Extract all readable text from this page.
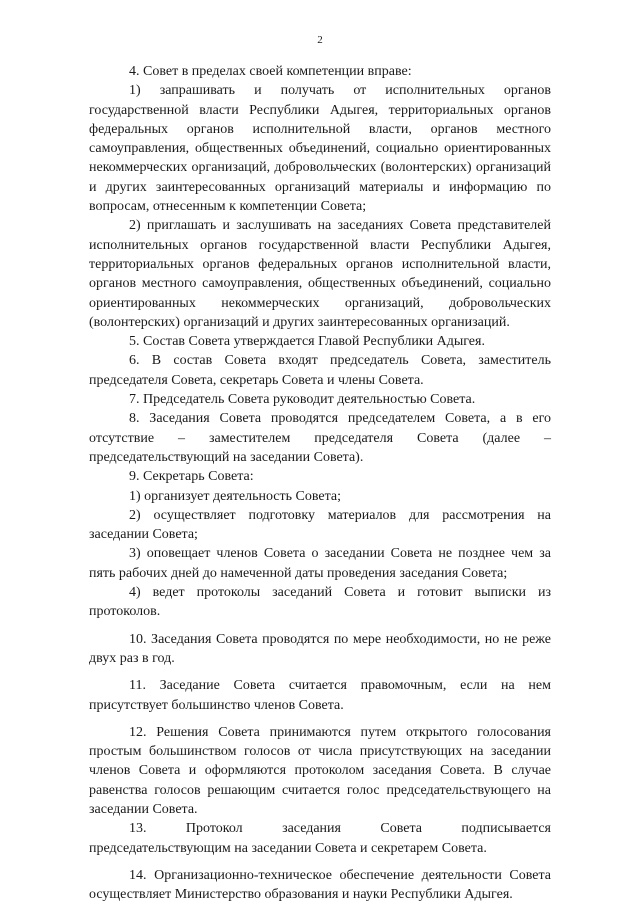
2

4. Совет в пределах своей компетенции вправе:

1) запрашивать и получать от исполнительных органов государственной власти Республики Адыгея, территориальных органов федеральных органов исполнительной власти, органов местного самоуправления, общественных объединений, социально ориентированных некоммерческих организаций, добровольческих (волонтерских) организаций и других заинтересованных организаций материалы и информацию по вопросам, отнесенным к компетенции Совета;

2) приглашать и заслушивать на заседаниях Совета представителей исполнительных органов государственной власти Республики Адыгея, территориальных органов федеральных органов исполнительной власти, органов местного самоуправления, общественных объединений, социально ориентированных некоммерческих организаций, добровольческих (волонтерских) организаций и других заинтересованных организаций.

5. Состав Совета утверждается Главой Республики Адыгея.

6. В состав Совета входят председатель Совета, заместитель председателя Совета, секретарь Совета и члены Совета.

7. Председатель Совета руководит деятельностью Совета.

8. Заседания Совета проводятся председателем Совета, а в его отсутствие – заместителем председателя Совета (далее – председательствующий на заседании Совета).

9. Секретарь Совета:

1) организует деятельность Совета;

2) осуществляет подготовку материалов для рассмотрения на заседании Совета;

3) оповещает членов Совета о заседании Совета не позднее чем за пять рабочих дней до намеченной даты проведения заседания Совета;

4) ведет протоколы заседаний Совета и готовит выписки из протоколов.

10. Заседания Совета проводятся по мере необходимости, но не реже двух раз в год.

11. Заседание Совета считается правомочным, если на нем присутствует большинство членов Совета.

12. Решения Совета принимаются путем открытого голосования простым большинством голосов от числа присутствующих на заседании членов Совета и оформляются протоколом заседания Совета. В случае равенства голосов решающим считается голос председательствующего на заседании Совета.

13. Протокол заседания Совета подписывается председательствующим на заседании Совета и секретарем Совета.

14. Организационно-техническое обеспечение деятельности Совета осуществляет Министерство образования и науки Республики Адыгея.
